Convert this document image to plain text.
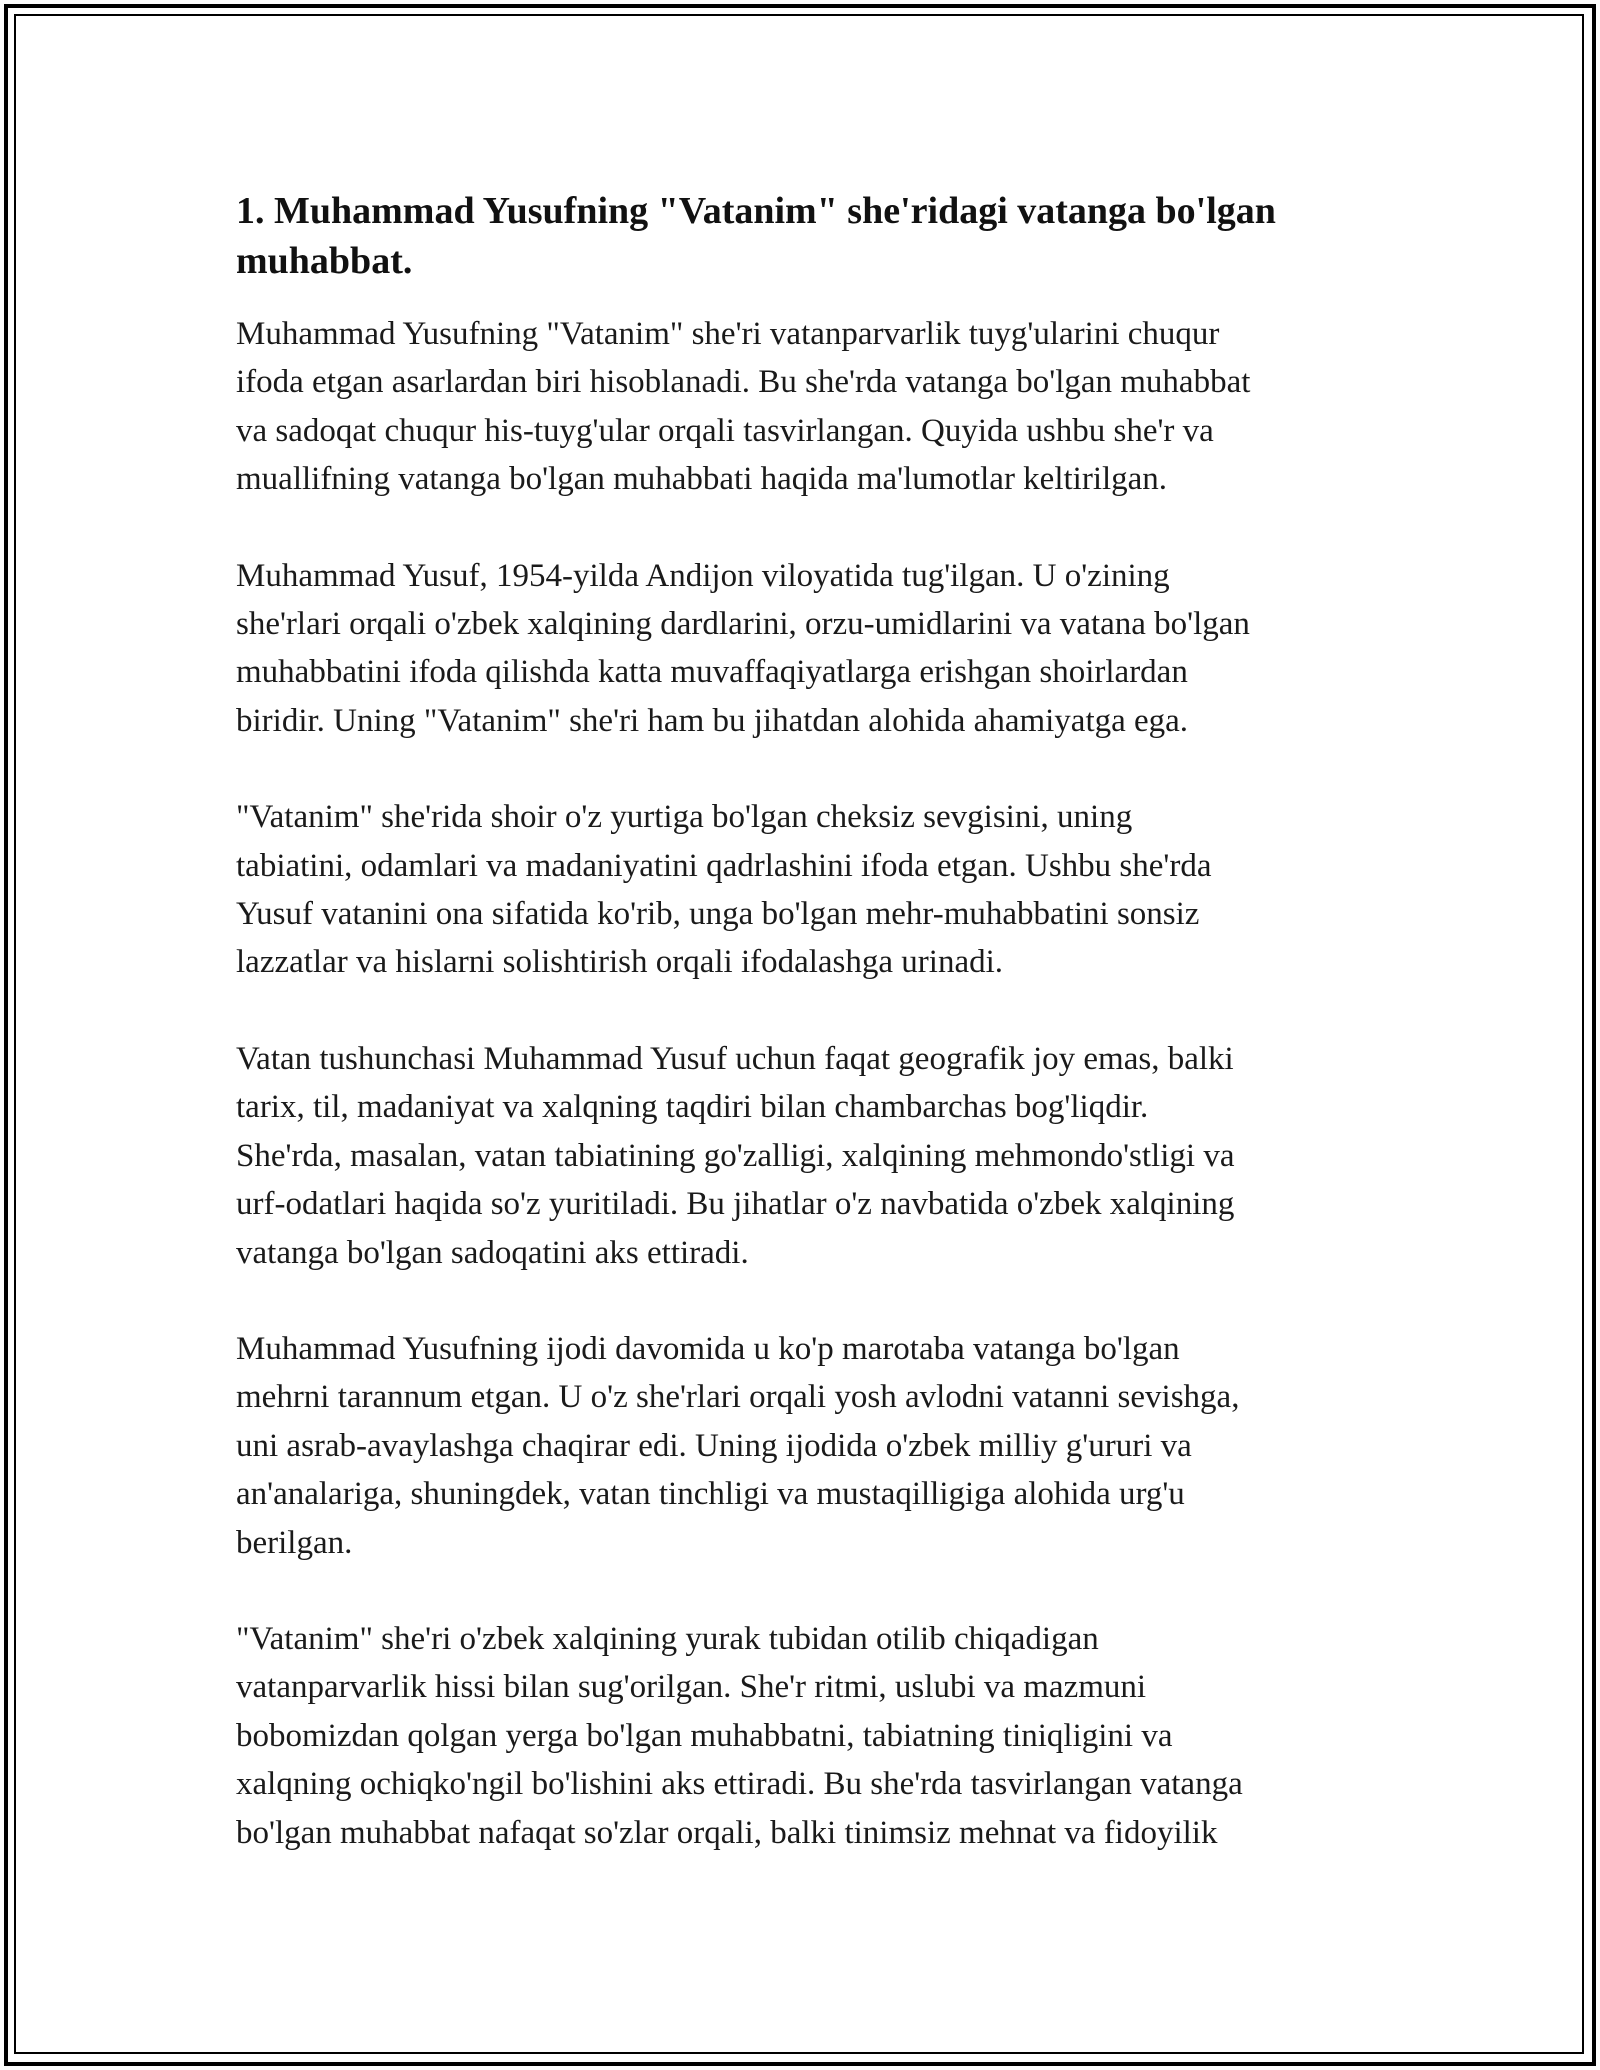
1. Muhammad Yusufning "Vatanim" she'ridagi vatanga bo'lgan muhabbat.

Muhammad Yusufning "Vatanim" she'ri vatanparvarlik tuyg'ularini chuqur
ifoda etgan asarlardan biri hisoblanadi. Bu she'rda vatanga bo'lgan muhabbat
va sadoqat chuqur his-tuyg'ular orqali tasvirlangan. Quyida ushbu she'r va
muallifning vatanga bo'lgan muhabbati haqida ma'lumotlar keltirilgan.

Muhammad Yusuf, 1954-yilda Andijon viloyatida tug'ilgan. U o'zining
she'rlari orqali o'zbek xalqining dardlarini, orzu-umidlarini va vatana bo'lgan
muhabbatini ifoda qilishda katta muvaffaqiyatlarga erishgan shoirlardan
biridir. Uning "Vatanim" she'ri ham bu jihatdan alohida ahamiyatga ega.

"Vatanim" she'rida shoir o'z yurtiga bo'lgan cheksiz sevgisini, uning
tabiatini, odamlari va madaniyatini qadrlashini ifoda etgan. Ushbu she'rda
Yusuf vatanini ona sifatida ko'rib, unga bo'lgan mehr-muhabbatini sonsiz
lazzatlar va hislarni solishtirish orqali ifodalashga urinadi.

Vatan tushunchasi Muhammad Yusuf uchun faqat geografik joy emas, balki
tarix, til, madaniyat va xalqning taqdiri bilan chambarchas bog'liqdir.
She'rda, masalan, vatan tabiatining go'zalligi, xalqining mehmondo'stligi va
urf-odatlari haqida so'z yuritiladi. Bu jihatlar o'z navbatida o'zbek xalqining
vatanga bo'lgan sadoqatini aks ettiradi.

Muhammad Yusufning ijodi davomida u ko'p marotaba vatanga bo'lgan
mehrni tarannum etgan. U o'z she'rlari orqali yosh avlodni vatanni sevishga,
uni asrab-avaylashga chaqirar edi. Uning ijodida o'zbek milliy g'ururi va
an'analariga, shuningdek, vatan tinchligi va mustaqilligiga alohida urg'u
berilgan.

"Vatanim" she'ri o'zbek xalqining yurak tubidan otilib chiqadigan
vatanparvarlik hissi bilan sug'orilgan. She'r ritmi, uslubi va mazmuni
bobomizdan qolgan yerga bo'lgan muhabbatni, tabiatning tiniqligini va
xalqning ochiqko'ngil bo'lishini aks ettiradi. Bu she'rda tasvirlangan vatanga
bo'lgan muhabbat nafaqat so'zlar orqali, balki tinimsiz mehnat va fidoyilik
